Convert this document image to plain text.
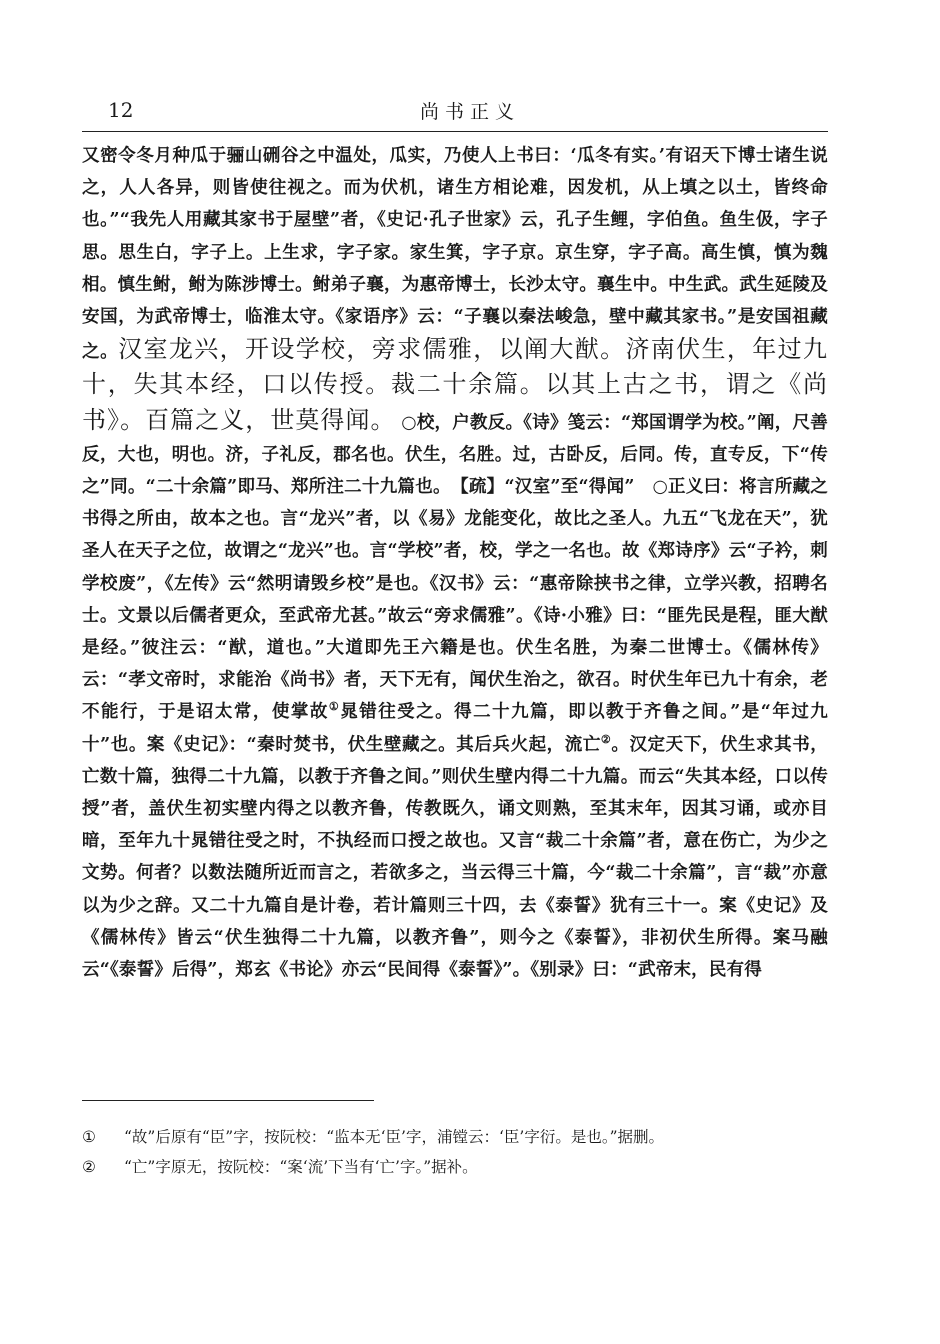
12	尚书正义

又密令冬月种瓜于骊山硎谷之中温处，瓜实，乃使人上书曰：‘瓜冬有实。’有诏天下博士诸生说之，人人各异，则皆使往视之。而为伏机，诸生方相论难，因发机，从上填之以土，皆终命也。”“我先人用藏其家书于屋壁”者，《史记·孔子世家》云，孔子生鲤，字伯鱼。鱼生伋，字子思。思生白，字子上。上生求，字子家。家生箕，字子京。京生穿，字子高。高生慎，慎为魏相。慎生鲋，鲋为陈涉博士。鲋弟子襄，为惠帝博士，长沙太守。襄生中。中生武。武生延陵及安国，为武帝博士，临淮太守。《家语序》云：“子襄以秦法峻急，壁中藏其家书。”是安国祖藏之。汉室龙兴，开设学校，旁求儒雅，以阐大猷。济南伏生，年过九十，失其本经，口以传授。裁二十余篇。以其上古之书，谓之《尚书》。百篇之义，世莫得闻。　○校，户教反。《诗》笺云：“郑国谓学为校。”阐，尺善反，大也，明也。济，子礼反，郡名也。伏生，名胜。过，古卧反，后同。传，直专反，下“传之”同。“二十余篇”即马、郑所注二十九篇也。　【疏】“汉室”至“得闻”　○正义曰：将言所藏之书得之所由，故本之也。言“龙兴”者，以《易》龙能变化，故比之圣人。九五“飞龙在天”，犹圣人在天子之位，故谓之“龙兴”也。言“学校”者，校，学之一名也。故《郑诗序》云“子衿，刺学校废”，《左传》云“然明请毁乡校”是也。《汉书》云：“惠帝除挟书之律，立学兴教，招聘名士。文景以后儒者更众，至武帝尤甚。”故云“旁求儒雅”。《诗·小雅》曰：“匪先民是程，匪大猷是经。”彼注云：“猷，道也。”大道即先王六籍是也。伏生名胜，为秦二世博士。《儒林传》云：“孝文帝时，求能治《尚书》者，天下无有，闻伏生治之，欲召。时伏生年已九十有余，老不能行，于是诏太常，使掌故①晁错往受之。得二十九篇，即以教于齐鲁之间。”是“年过九十”也。案《史记》：“秦时焚书，伏生壁藏之。其后兵火起，流亡②。汉定天下，伏生求其书，亡数十篇，独得二十九篇，以教于齐鲁之间。”则伏生壁内得二十九篇。而云“失其本经，口以传授”者，盖伏生初实壁内得之以教齐鲁，传教既久，诵文则熟，至其末年，因其习诵，或亦目暗，至年九十晁错往受之时，不执经而口授之故也。又言“裁二十余篇”者，意在伤亡，为少之文势。何者？以数法随所近而言之，若欲多之，当云得三十篇，今“裁二十余篇”，言“裁”亦意以为少之辞。又二十九篇自是计卷，若计篇则三十四，去《泰誓》犹有三十一。案《史记》及《儒林传》皆云“伏生独得二十九篇，以教齐鲁”，则今之《泰誓》，非初伏生所得。案马融云“《泰誓》后得”，郑玄《书论》亦云“民间得《泰誓》”。《别录》曰：“武帝末，民有得

①	“故”后原有“臣”字，按阮校：“监本无‘臣’字，浦镗云：‘臣’字衍。是也。”据删。
②	“亡”字原无，按阮校：“案‘流’下当有‘亡’字。”据补。
